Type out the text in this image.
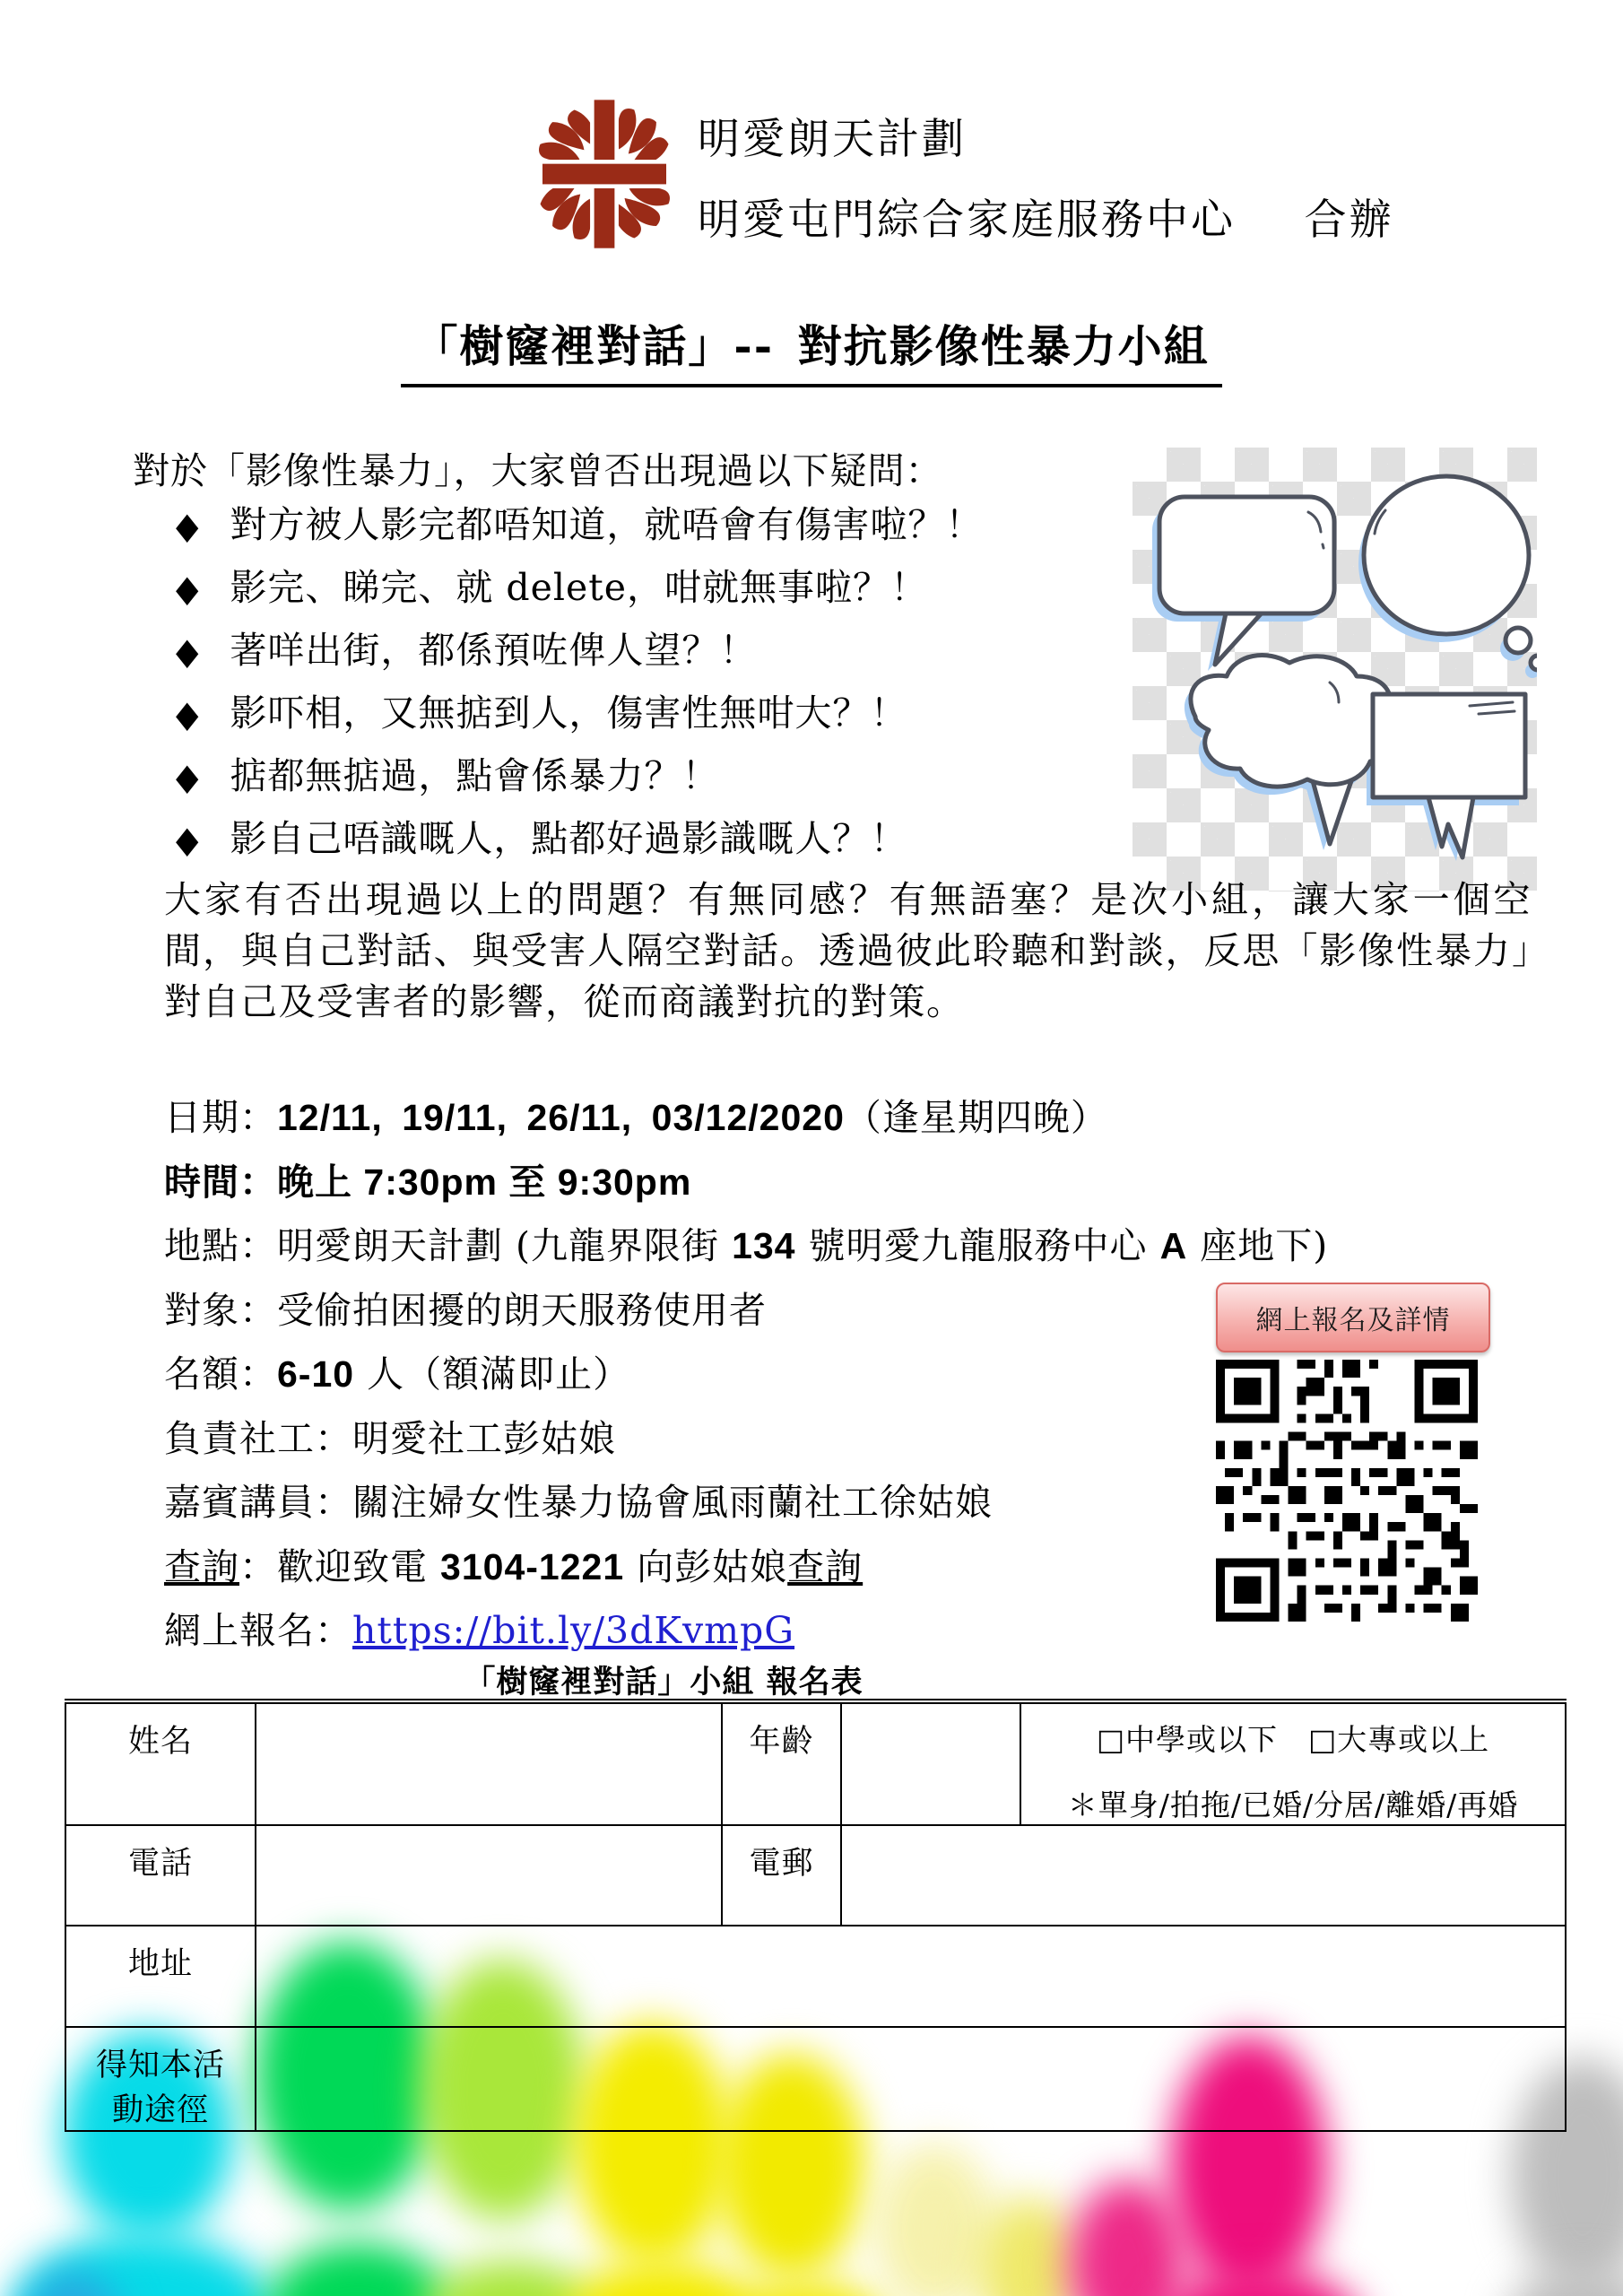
明愛朗天計劃
明愛屯門綜合家庭服務中心　 合辦
「樹窿裡對話」-- 對抗影像性暴力小組
對於「影像性暴力」，大家曾否出現過以下疑問：
◆ 對方被人影完都唔知道，就唔會有傷害啦？！
◆ 影完、睇完、就 delete，咁就無事啦？！
◆ 著咩出街，都係預咗俾人望？！
◆ 影吓相，又無掂到人，傷害性無咁大？！
◆ 掂都無掂過，點會係暴力？！
◆ 影自己唔識嘅人，點都好過影識嘅人？！
大家有否出現過以上的問題？有無同感？有無語塞？是次小組，讓大家一個空間，與自己對話、與受害人隔空對話。透過彼此聆聽和對談，反思「影像性暴力」對自己及受害者的影響，從而商議對抗的對策。
日期：12/11, 19/11, 26/11, 03/12/2020（逢星期四晚）
時間：晚上 7:30pm 至 9:30pm
地點：明愛朗天計劃 (九龍界限街 134 號明愛九龍服務中心 A 座地下)
對象：受偷拍困擾的朗天服務使用者
名額：6-10 人（額滿即止）
負責社工：明愛社工彭姑娘
嘉賓講員：關注婦女性暴力協會風雨蘭社工徐姑娘
查詢：歡迎致電 3104-1221 向彭姑娘查詢
網上報名：https://bit.ly/3dKvmpG
網上報名及詳情
「樹窿裡對話」小組 報名表
姓名		年齡		□中學或以下　□大專或以上
＊單身/拍拖/已婚/分居/離婚/再婚

電話		電郵		
地址				

得知本活動途徑				
